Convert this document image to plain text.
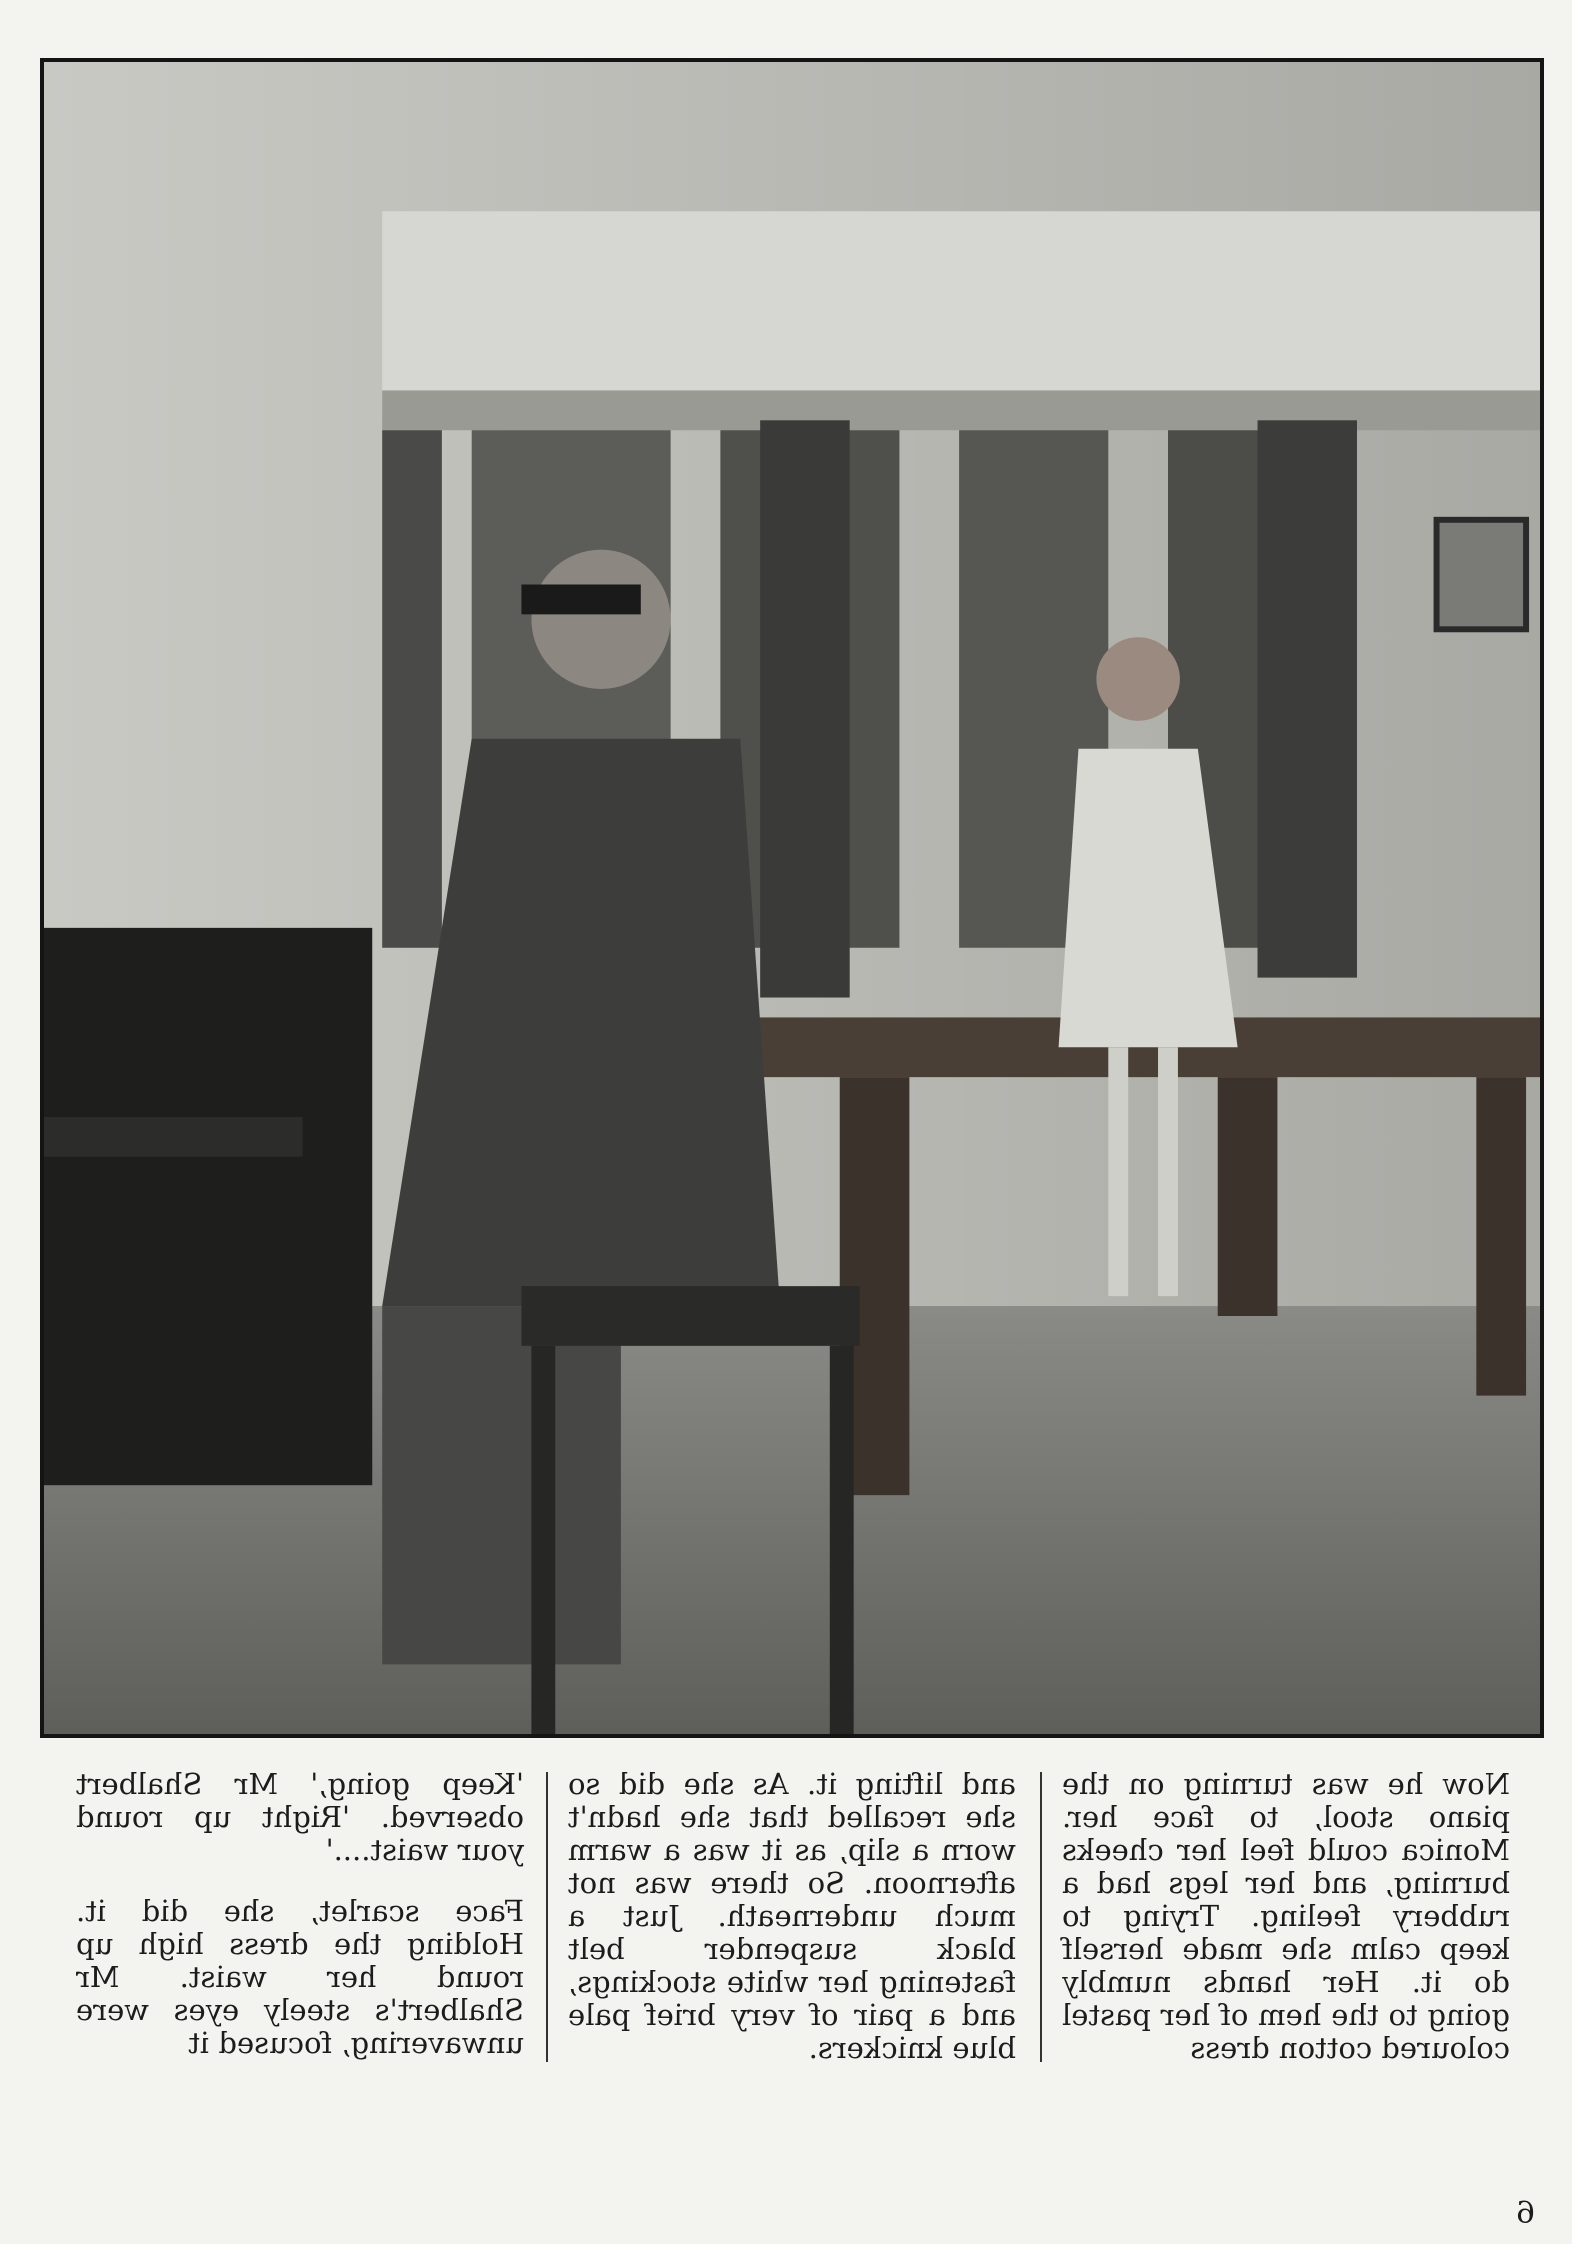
Now he was turning on the piano stool, to face her. Monica could feel her cheeks burning, and her legs had a rubbery feeling. Trying to keep calm she made herself do it. Her hands numbly going to the hem of her pastel coloured cotton dress

and lifting it. As she did so she recalled that she hadn't worn a slip, as it was a warm afternoon. So there was not much underneath. Just a black suspender belt fastening her white stockings, and a pair of very brief pale blue knickers.

'Keep going,' Mr Shalbert observed. 'Right up round your waist....'

Face scarlet, she did it. Holding the dress high up round her waist. Mr Shalbert's steely eyes were unwavering, focused it

6
